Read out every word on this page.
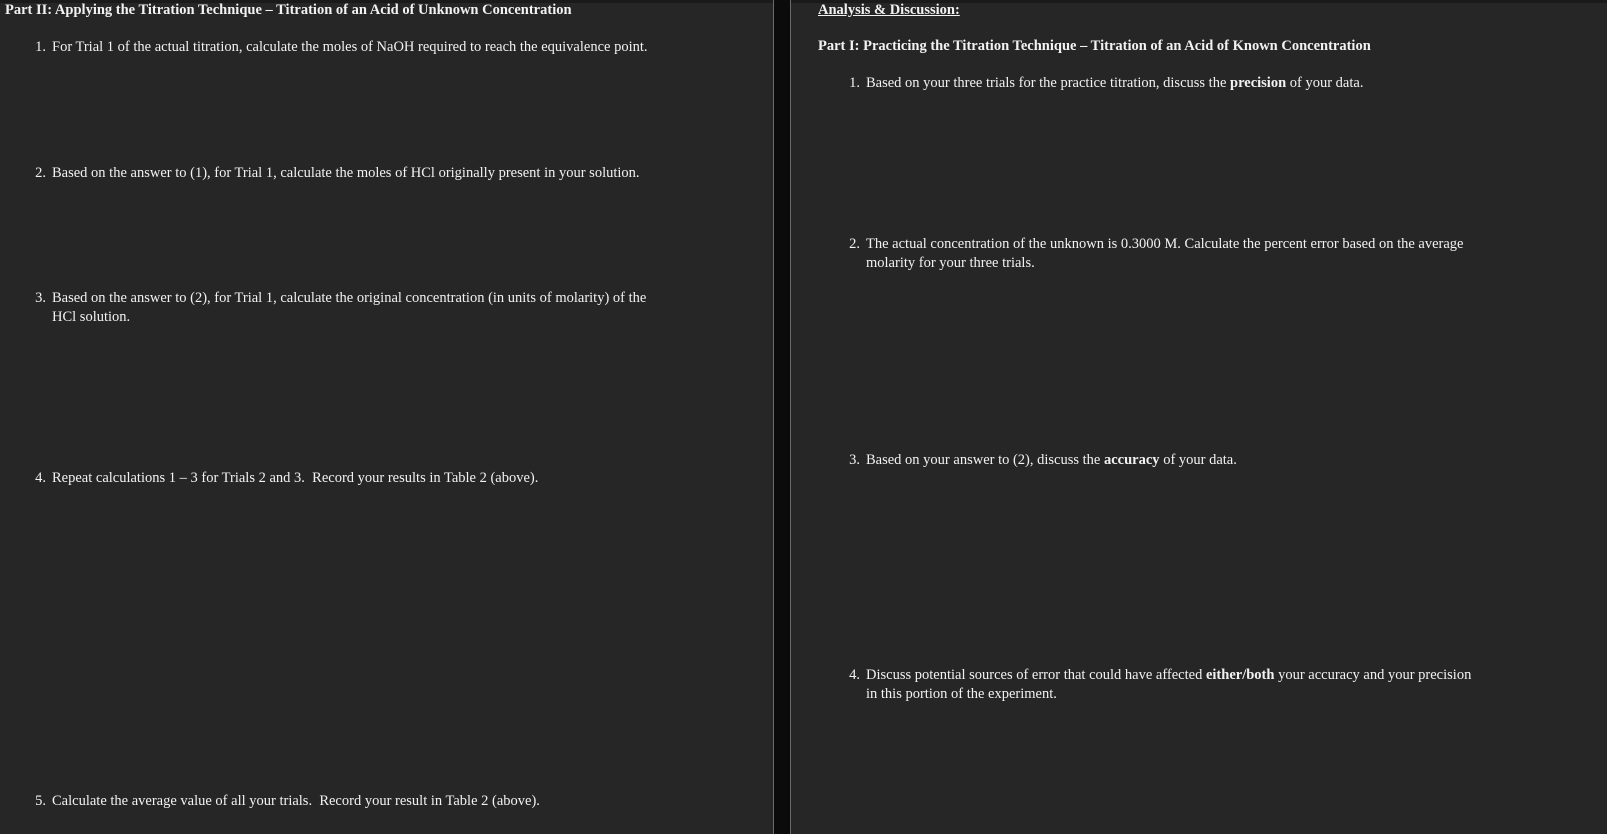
Part II: Applying the Titration Technique – Titration of an Acid of Unknown Concentration
1. For Trial 1 of the actual titration, calculate the moles of NaOH required to reach the equivalence point.
2. Based on the answer to (1), for Trial 1, calculate the moles of HCl originally present in your solution.
3. Based on the answer to (2), for Trial 1, calculate the original concentration (in units of molarity) of the
HCl solution.
4. Repeat calculations 1 – 3 for Trials 2 and 3.  Record your results in Table 2 (above).
5. Calculate the average value of all your trials.  Record your result in Table 2 (above).
Analysis & Discussion:
Part I: Practicing the Titration Technique – Titration of an Acid of Known Concentration
1. Based on your three trials for the practice titration, discuss the precision of your data.
2. The actual concentration of the unknown is 0.3000 M. Calculate the percent error based on the average
molarity for your three trials.
3. Based on your answer to (2), discuss the accuracy of your data.
4. Discuss potential sources of error that could have affected either/both your accuracy and your precision
in this portion of the experiment.
